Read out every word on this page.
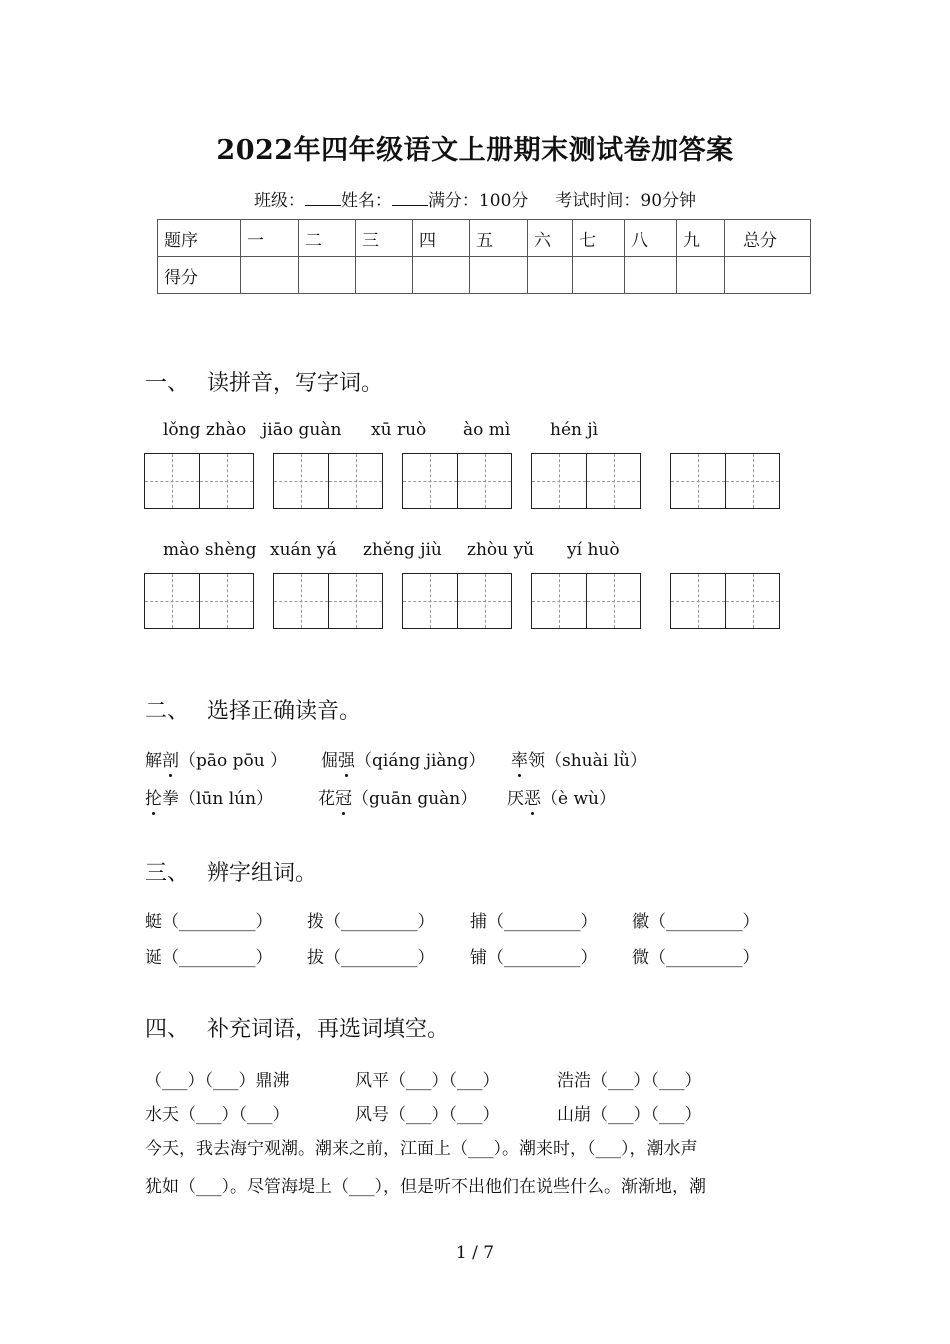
2022年四年级语文上册期末测试卷加答案
班级： 姓名： 满分：100分 考试时间：90分钟
题序	一	二	三	四	五	六	七	八	九	总分
得分										
一、 读拼音，写字词。
lǒng zhào jiāo guàn xū ruò ào mì hén jì
mào shèng xuán yá zhěng jiù zhòu yǔ yí huò
二、 选择正确读音。
解剖（pāo pōu ） 倔强（qiáng jiàng） 率领（shuài lǜ）
抡拳（lūn lún）	花冠（guān guàn） 厌恶（è wù）
三、 辨字组词。
蜓（_________） 拨（_________） 捕（_________） 徽（_________）
诞（_________） 拔（_________） 铺（_________） 微（_________）
四、 补充词语，再选词填空。
（___）（___）鼎沸	风平（___）（___）	浩浩（___）（___）
水天（___）（___）	风号（___）（___）	山崩（___）（___）
今天，我去海宁观潮。潮来之前，江面上（___）。潮来时，（___），潮水声
犹如（___）。尽管海堤上（___），但是听不出他们在说些什么。渐渐地，潮
1 / 7
